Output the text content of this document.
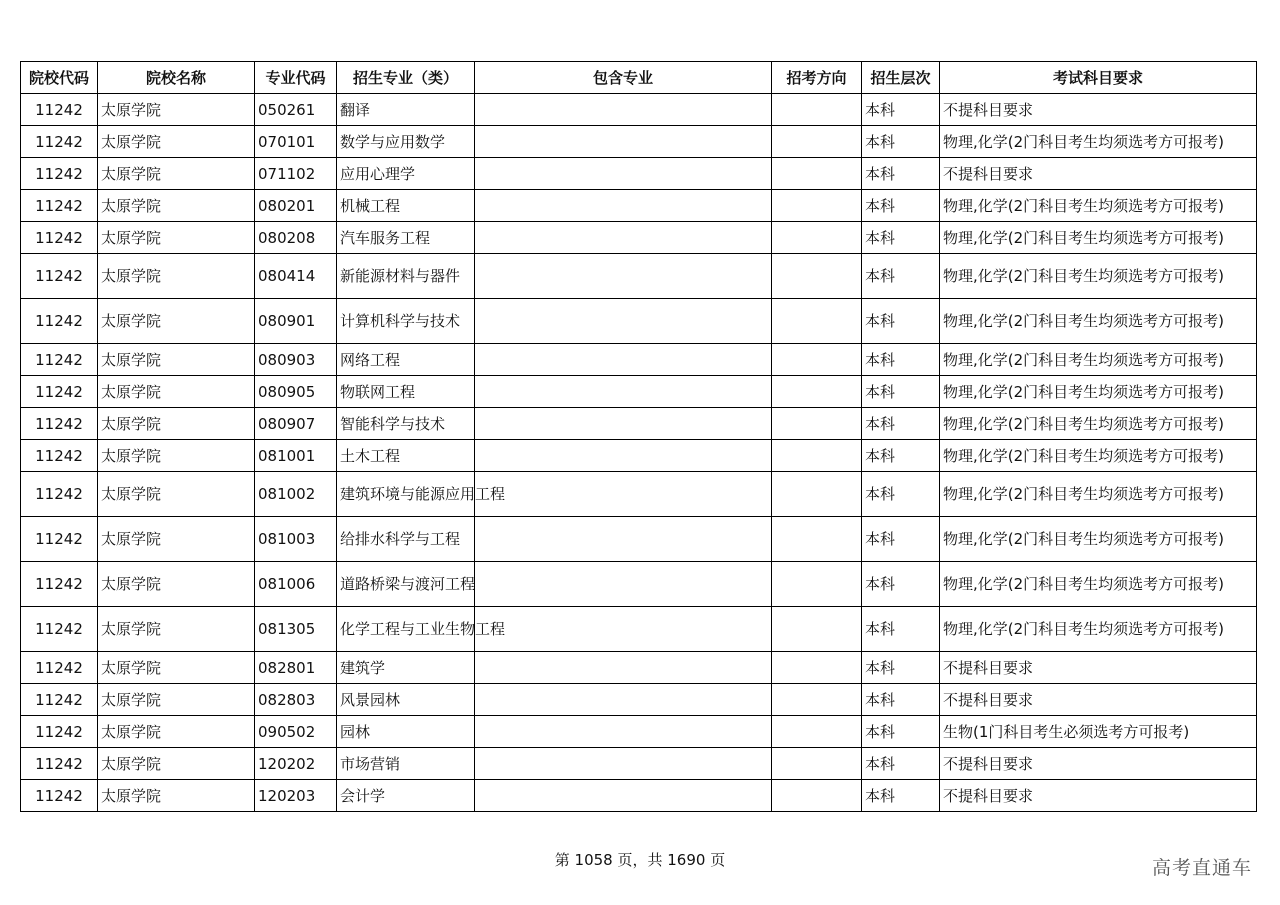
院校代码	院校名称	专业代码	招生专业（类）	包含专业	招考方向	招生层次	考试科目要求
11242	太原学院	050261	翻译			本科	不提科目要求
11242	太原学院	070101	数学与应用数学			本科	物理,化学(2门科目考生均须选考方可报考)
11242	太原学院	071102	应用心理学			本科	不提科目要求
11242	太原学院	080201	机械工程			本科	物理,化学(2门科目考生均须选考方可报考)
11242	太原学院	080208	汽车服务工程			本科	物理,化学(2门科目考生均须选考方可报考)
11242	太原学院	080414	新能源材料与器件			本科	物理,化学(2门科目考生均须选考方可报考)
11242	太原学院	080901	计算机科学与技术			本科	物理,化学(2门科目考生均须选考方可报考)
11242	太原学院	080903	网络工程			本科	物理,化学(2门科目考生均须选考方可报考)
11242	太原学院	080905	物联网工程			本科	物理,化学(2门科目考生均须选考方可报考)
11242	太原学院	080907	智能科学与技术			本科	物理,化学(2门科目考生均须选考方可报考)
11242	太原学院	081001	土木工程			本科	物理,化学(2门科目考生均须选考方可报考)
11242	太原学院	081002	建筑环境与能源应用工程			本科	物理,化学(2门科目考生均须选考方可报考)
11242	太原学院	081003	给排水科学与工程			本科	物理,化学(2门科目考生均须选考方可报考)
11242	太原学院	081006	道路桥梁与渡河工程			本科	物理,化学(2门科目考生均须选考方可报考)
11242	太原学院	081305	化学工程与工业生物工程			本科	物理,化学(2门科目考生均须选考方可报考)
11242	太原学院	082801	建筑学			本科	不提科目要求
11242	太原学院	082803	风景园林			本科	不提科目要求
11242	太原学院	090502	园林			本科	生物(1门科目考生必须选考方可报考)
11242	太原学院	120202	市场营销			本科	不提科目要求
11242	太原学院	120203	会计学			本科	不提科目要求
第 1058 页，共 1690 页	高考直通车
